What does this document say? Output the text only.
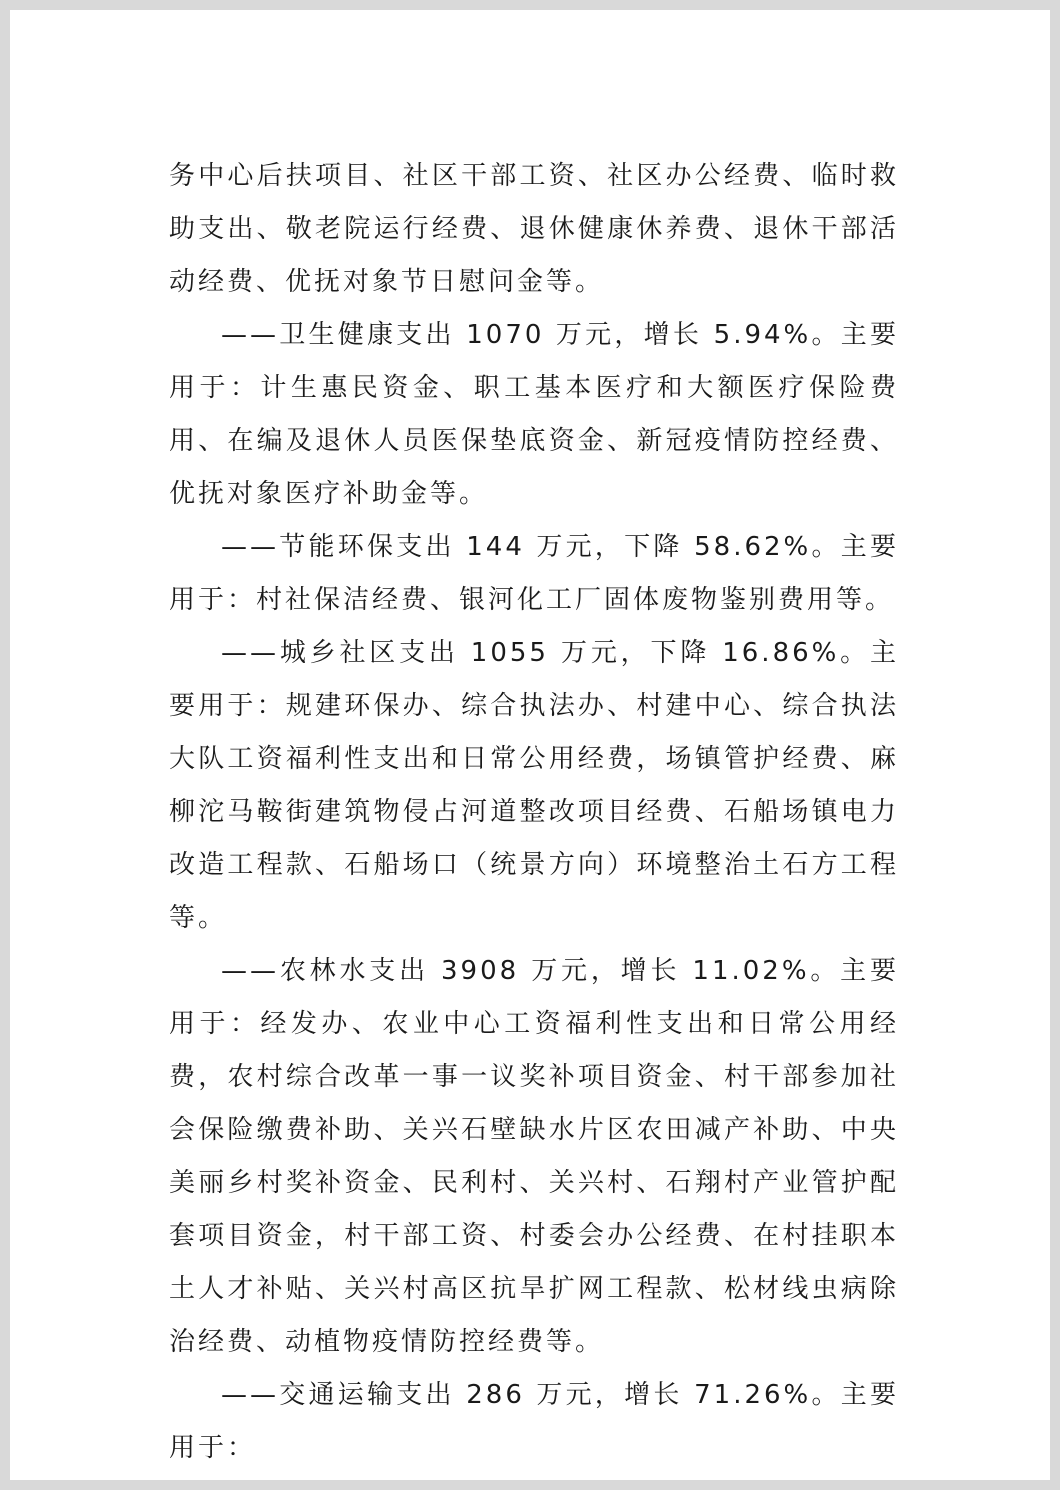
务中心后扶项目、社区干部工资、社区办公经费、临时救助支出、敬老院运行经费、退休健康休养费、退休干部活动经费、优抚对象节日慰问金等。

——卫生健康支出 1070 万元，增长 5.94%。主要用于：计生惠民资金、职工基本医疗和大额医疗保险费用、在编及退休人员医保垫底资金、新冠疫情防控经费、优抚对象医疗补助金等。

——节能环保支出 144 万元，下降 58.62%。主要用于：村社保洁经费、银河化工厂固体废物鉴别费用等。

——城乡社区支出 1055 万元，下降 16.86%。主要用于：规建环保办、综合执法办、村建中心、综合执法大队工资福利性支出和日常公用经费，场镇管护经费、麻柳沱马鞍街建筑物侵占河道整改项目经费、石船场镇电力改造工程款、石船场口（统景方向）环境整治土石方工程等。

——农林水支出 3908 万元，增长 11.02%。主要用于：经发办、农业中心工资福利性支出和日常公用经费，农村综合改革一事一议奖补项目资金、村干部参加社会保险缴费补助、关兴石壁缺水片区农田减产补助、中央美丽乡村奖补资金、民利村、关兴村、石翔村产业管护配套项目资金，村干部工资、村委会办公经费、在村挂职本土人才补贴、关兴村高区抗旱扩网工程款、松材线虫病除治经费、动植物疫情防控经费等。

——交通运输支出 286 万元，增长 71.26%。主要用于：
